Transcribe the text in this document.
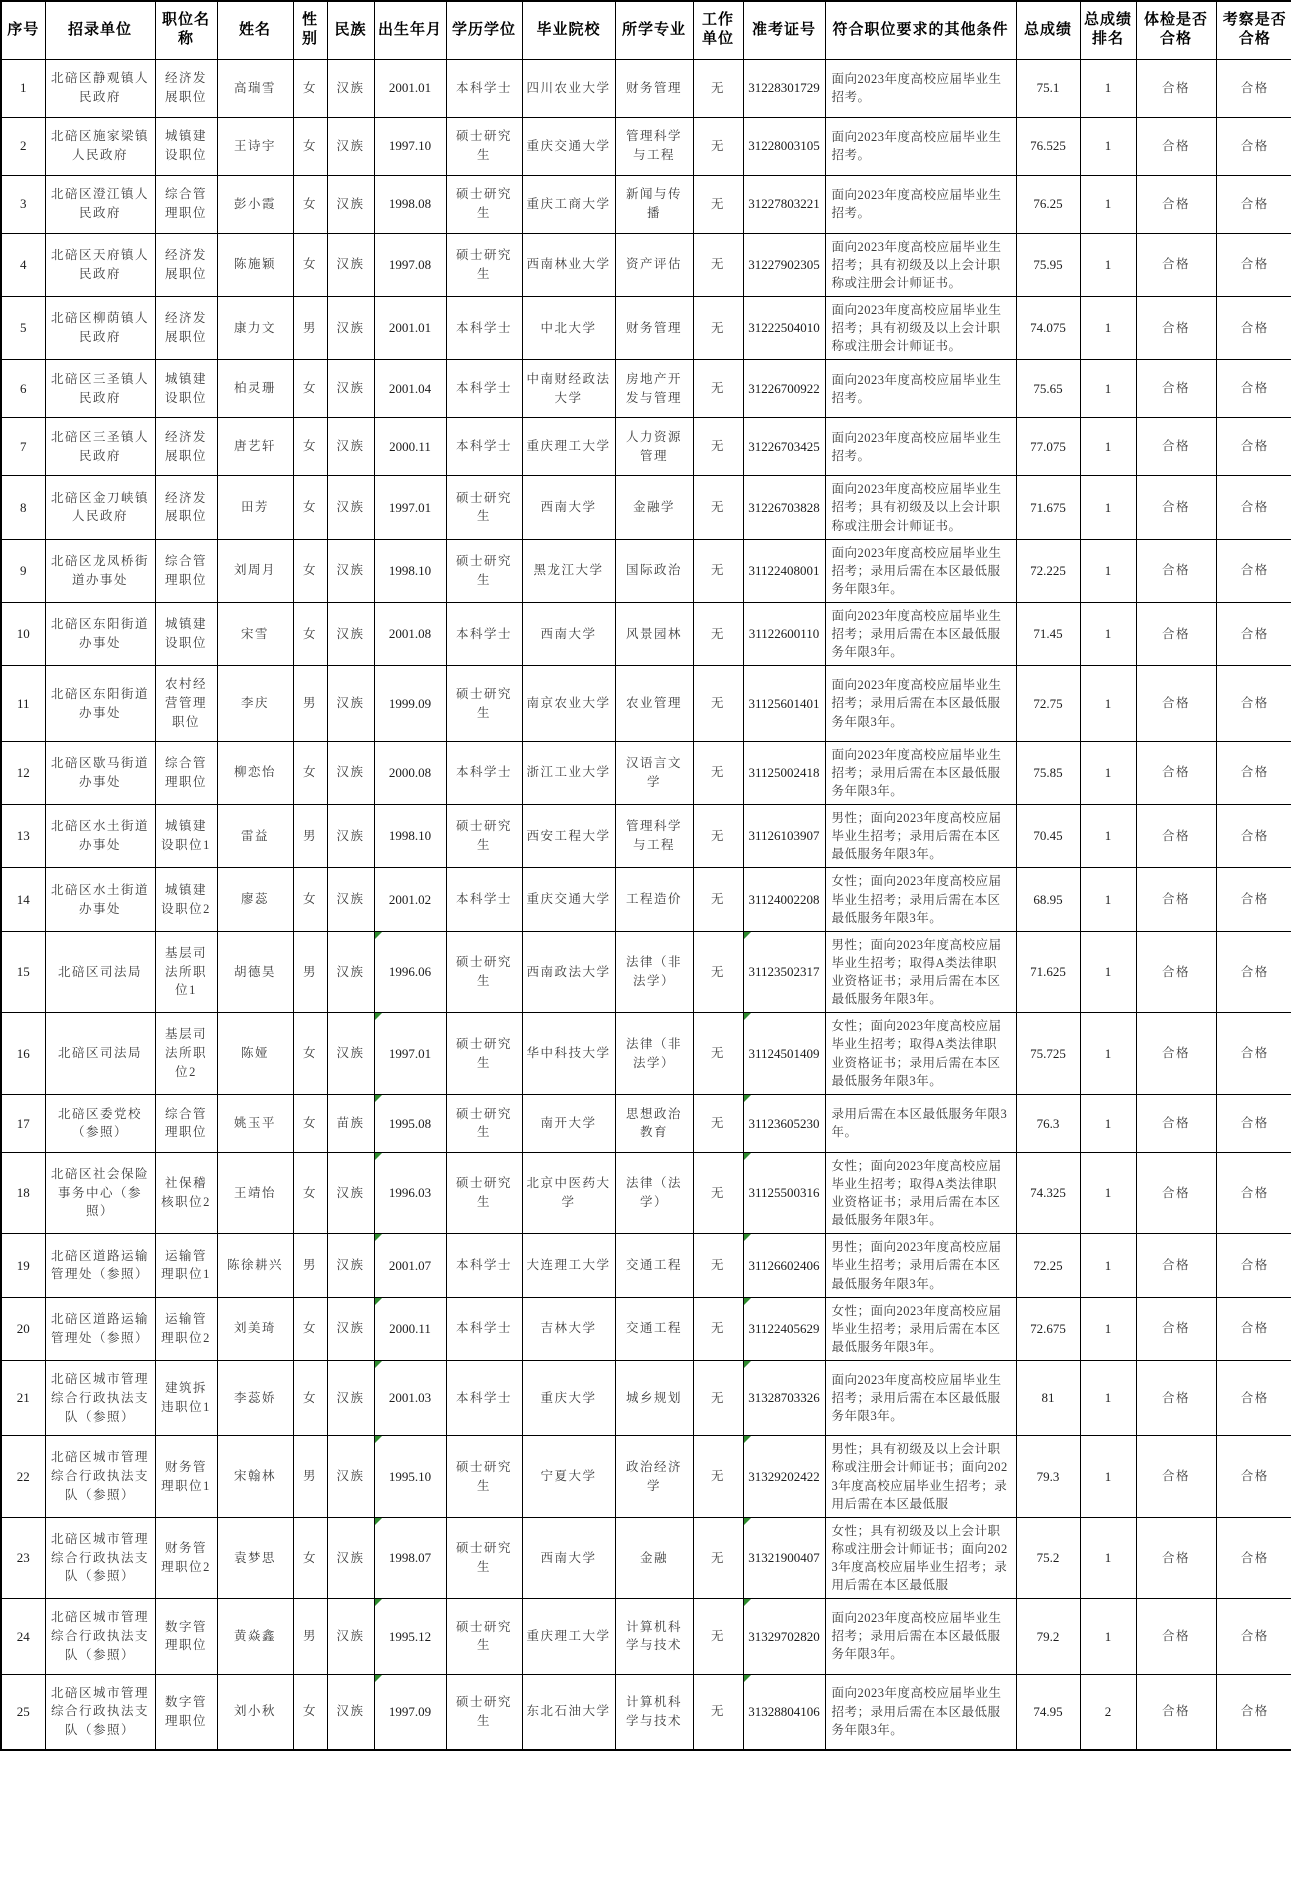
序号	招录单位	职位名称	姓名	性别	民族	出生年月	学历学位	毕业院校	所学专业	工作单位	准考证号	符合职位要求的其他条件	总成绩	总成绩排名	体检是否合格	考察是否合格
1	北碚区静观镇人民政府	经济发展职位	高瑞雪	女	汉族	2001.01	本科学士	四川农业大学	财务管理	无	31228301729	面向2023年度高校应届毕业生招考。	75.1	1	合格	合格
2	北碚区施家梁镇人民政府	城镇建设职位	王诗宇	女	汉族	1997.10	硕士研究生	重庆交通大学	管理科学与工程	无	31228003105	面向2023年度高校应届毕业生招考。	76.525	1	合格	合格
3	北碚区澄江镇人民政府	综合管理职位	彭小霞	女	汉族	1998.08	硕士研究生	重庆工商大学	新闻与传播	无	31227803221	面向2023年度高校应届毕业生招考。	76.25	1	合格	合格
4	北碚区天府镇人民政府	经济发展职位	陈施颖	女	汉族	1997.08	硕士研究生	西南林业大学	资产评估	无	31227902305	面向2023年度高校应届毕业生招考；具有初级及以上会计职称或注册会计师证书。	75.95	1	合格	合格
5	北碚区柳荫镇人民政府	经济发展职位	康力文	男	汉族	2001.01	本科学士	中北大学	财务管理	无	31222504010	面向2023年度高校应届毕业生招考；具有初级及以上会计职称或注册会计师证书。	74.075	1	合格	合格
6	北碚区三圣镇人民政府	城镇建设职位	柏灵珊	女	汉族	2001.04	本科学士	中南财经政法大学	房地产开发与管理	无	31226700922	面向2023年度高校应届毕业生招考。	75.65	1	合格	合格
7	北碚区三圣镇人民政府	经济发展职位	唐艺轩	女	汉族	2000.11	本科学士	重庆理工大学	人力资源管理	无	31226703425	面向2023年度高校应届毕业生招考。	77.075	1	合格	合格
8	北碚区金刀峡镇人民政府	经济发展职位	田芳	女	汉族	1997.01	硕士研究生	西南大学	金融学	无	31226703828	面向2023年度高校应届毕业生招考；具有初级及以上会计职称或注册会计师证书。	71.675	1	合格	合格
9	北碚区龙凤桥街道办事处	综合管理职位	刘周月	女	汉族	1998.10	硕士研究生	黑龙江大学	国际政治	无	31122408001	面向2023年度高校应届毕业生招考；录用后需在本区最低服务年限3年。	72.225	1	合格	合格
10	北碚区东阳街道办事处	城镇建设职位	宋雪	女	汉族	2001.08	本科学士	西南大学	风景园林	无	31122600110	面向2023年度高校应届毕业生招考；录用后需在本区最低服务年限3年。	71.45	1	合格	合格
11	北碚区东阳街道办事处	农村经营管理职位	李庆	男	汉族	1999.09	硕士研究生	南京农业大学	农业管理	无	31125601401	面向2023年度高校应届毕业生招考；录用后需在本区最低服务年限3年。	72.75	1	合格	合格
12	北碚区歇马街道办事处	综合管理职位	柳恋怡	女	汉族	2000.08	本科学士	浙江工业大学	汉语言文学	无	31125002418	面向2023年度高校应届毕业生招考；录用后需在本区最低服务年限3年。	75.85	1	合格	合格
13	北碚区水土街道办事处	城镇建设职位1	雷益	男	汉族	1998.10	硕士研究生	西安工程大学	管理科学与工程	无	31126103907	男性；面向2023年度高校应届毕业生招考；录用后需在本区最低服务年限3年。	70.45	1	合格	合格
14	北碚区水土街道办事处	城镇建设职位2	廖蕊	女	汉族	2001.02	本科学士	重庆交通大学	工程造价	无	31124002208	女性；面向2023年度高校应届毕业生招考；录用后需在本区最低服务年限3年。	68.95	1	合格	合格
15	北碚区司法局	基层司法所职位1	胡德昊	男	汉族	1996.06	硕士研究生	西南政法大学	法律（非法学）	无	31123502317	男性；面向2023年度高校应届毕业生招考；取得A类法律职业资格证书；录用后需在本区最低服务年限3年。	71.625	1	合格	合格
16	北碚区司法局	基层司法所职位2	陈娅	女	汉族	1997.01	硕士研究生	华中科技大学	法律（非法学）	无	31124501409	女性；面向2023年度高校应届毕业生招考；取得A类法律职业资格证书；录用后需在本区最低服务年限3年。	75.725	1	合格	合格
17	北碚区委党校（参照）	综合管理职位	姚玉平	女	苗族	1995.08	硕士研究生	南开大学	思想政治教育	无	31123605230	录用后需在本区最低服务年限3年。	76.3	1	合格	合格
18	北碚区社会保险事务中心（参照）	社保稽核职位2	王靖怡	女	汉族	1996.03	硕士研究生	北京中医药大学	法律（法学）	无	31125500316	女性；面向2023年度高校应届毕业生招考；取得A类法律职业资格证书；录用后需在本区最低服务年限3年。	74.325	1	合格	合格
19	北碚区道路运输管理处（参照）	运输管理职位1	陈徐耕兴	男	汉族	2001.07	本科学士	大连理工大学	交通工程	无	31126602406	男性；面向2023年度高校应届毕业生招考；录用后需在本区最低服务年限3年。	72.25	1	合格	合格
20	北碚区道路运输管理处（参照）	运输管理职位2	刘美琦	女	汉族	2000.11	本科学士	吉林大学	交通工程	无	31122405629	女性；面向2023年度高校应届毕业生招考；录用后需在本区最低服务年限3年。	72.675	1	合格	合格
21	北碚区城市管理综合行政执法支队（参照）	建筑拆违职位1	李蕊娇	女	汉族	2001.03	本科学士	重庆大学	城乡规划	无	31328703326	面向2023年度高校应届毕业生招考；录用后需在本区最低服务年限3年。	81	1	合格	合格
22	北碚区城市管理综合行政执法支队（参照）	财务管理职位1	宋翰林	男	汉族	1995.10	硕士研究生	宁夏大学	政治经济学	无	31329202422	男性；具有初级及以上会计职称或注册会计师证书；面向2023年度高校应届毕业生招考；录用后需在本区最低服	79.3	1	合格	合格
23	北碚区城市管理综合行政执法支队（参照）	财务管理职位2	袁梦思	女	汉族	1998.07	硕士研究生	西南大学	金融	无	31321900407	女性；具有初级及以上会计职称或注册会计师证书；面向2023年度高校应届毕业生招考；录用后需在本区最低服	75.2	1	合格	合格
24	北碚区城市管理综合行政执法支队（参照）	数字管理职位	黄焱鑫	男	汉族	1995.12	硕士研究生	重庆理工大学	计算机科学与技术	无	31329702820	面向2023年度高校应届毕业生招考；录用后需在本区最低服务年限3年。	79.2	1	合格	合格
25	北碚区城市管理综合行政执法支队（参照）	数字管理职位	刘小秋	女	汉族	1997.09	硕士研究生	东北石油大学	计算机科学与技术	无	31328804106	面向2023年度高校应届毕业生招考；录用后需在本区最低服务年限3年。	74.95	2	合格	合格
